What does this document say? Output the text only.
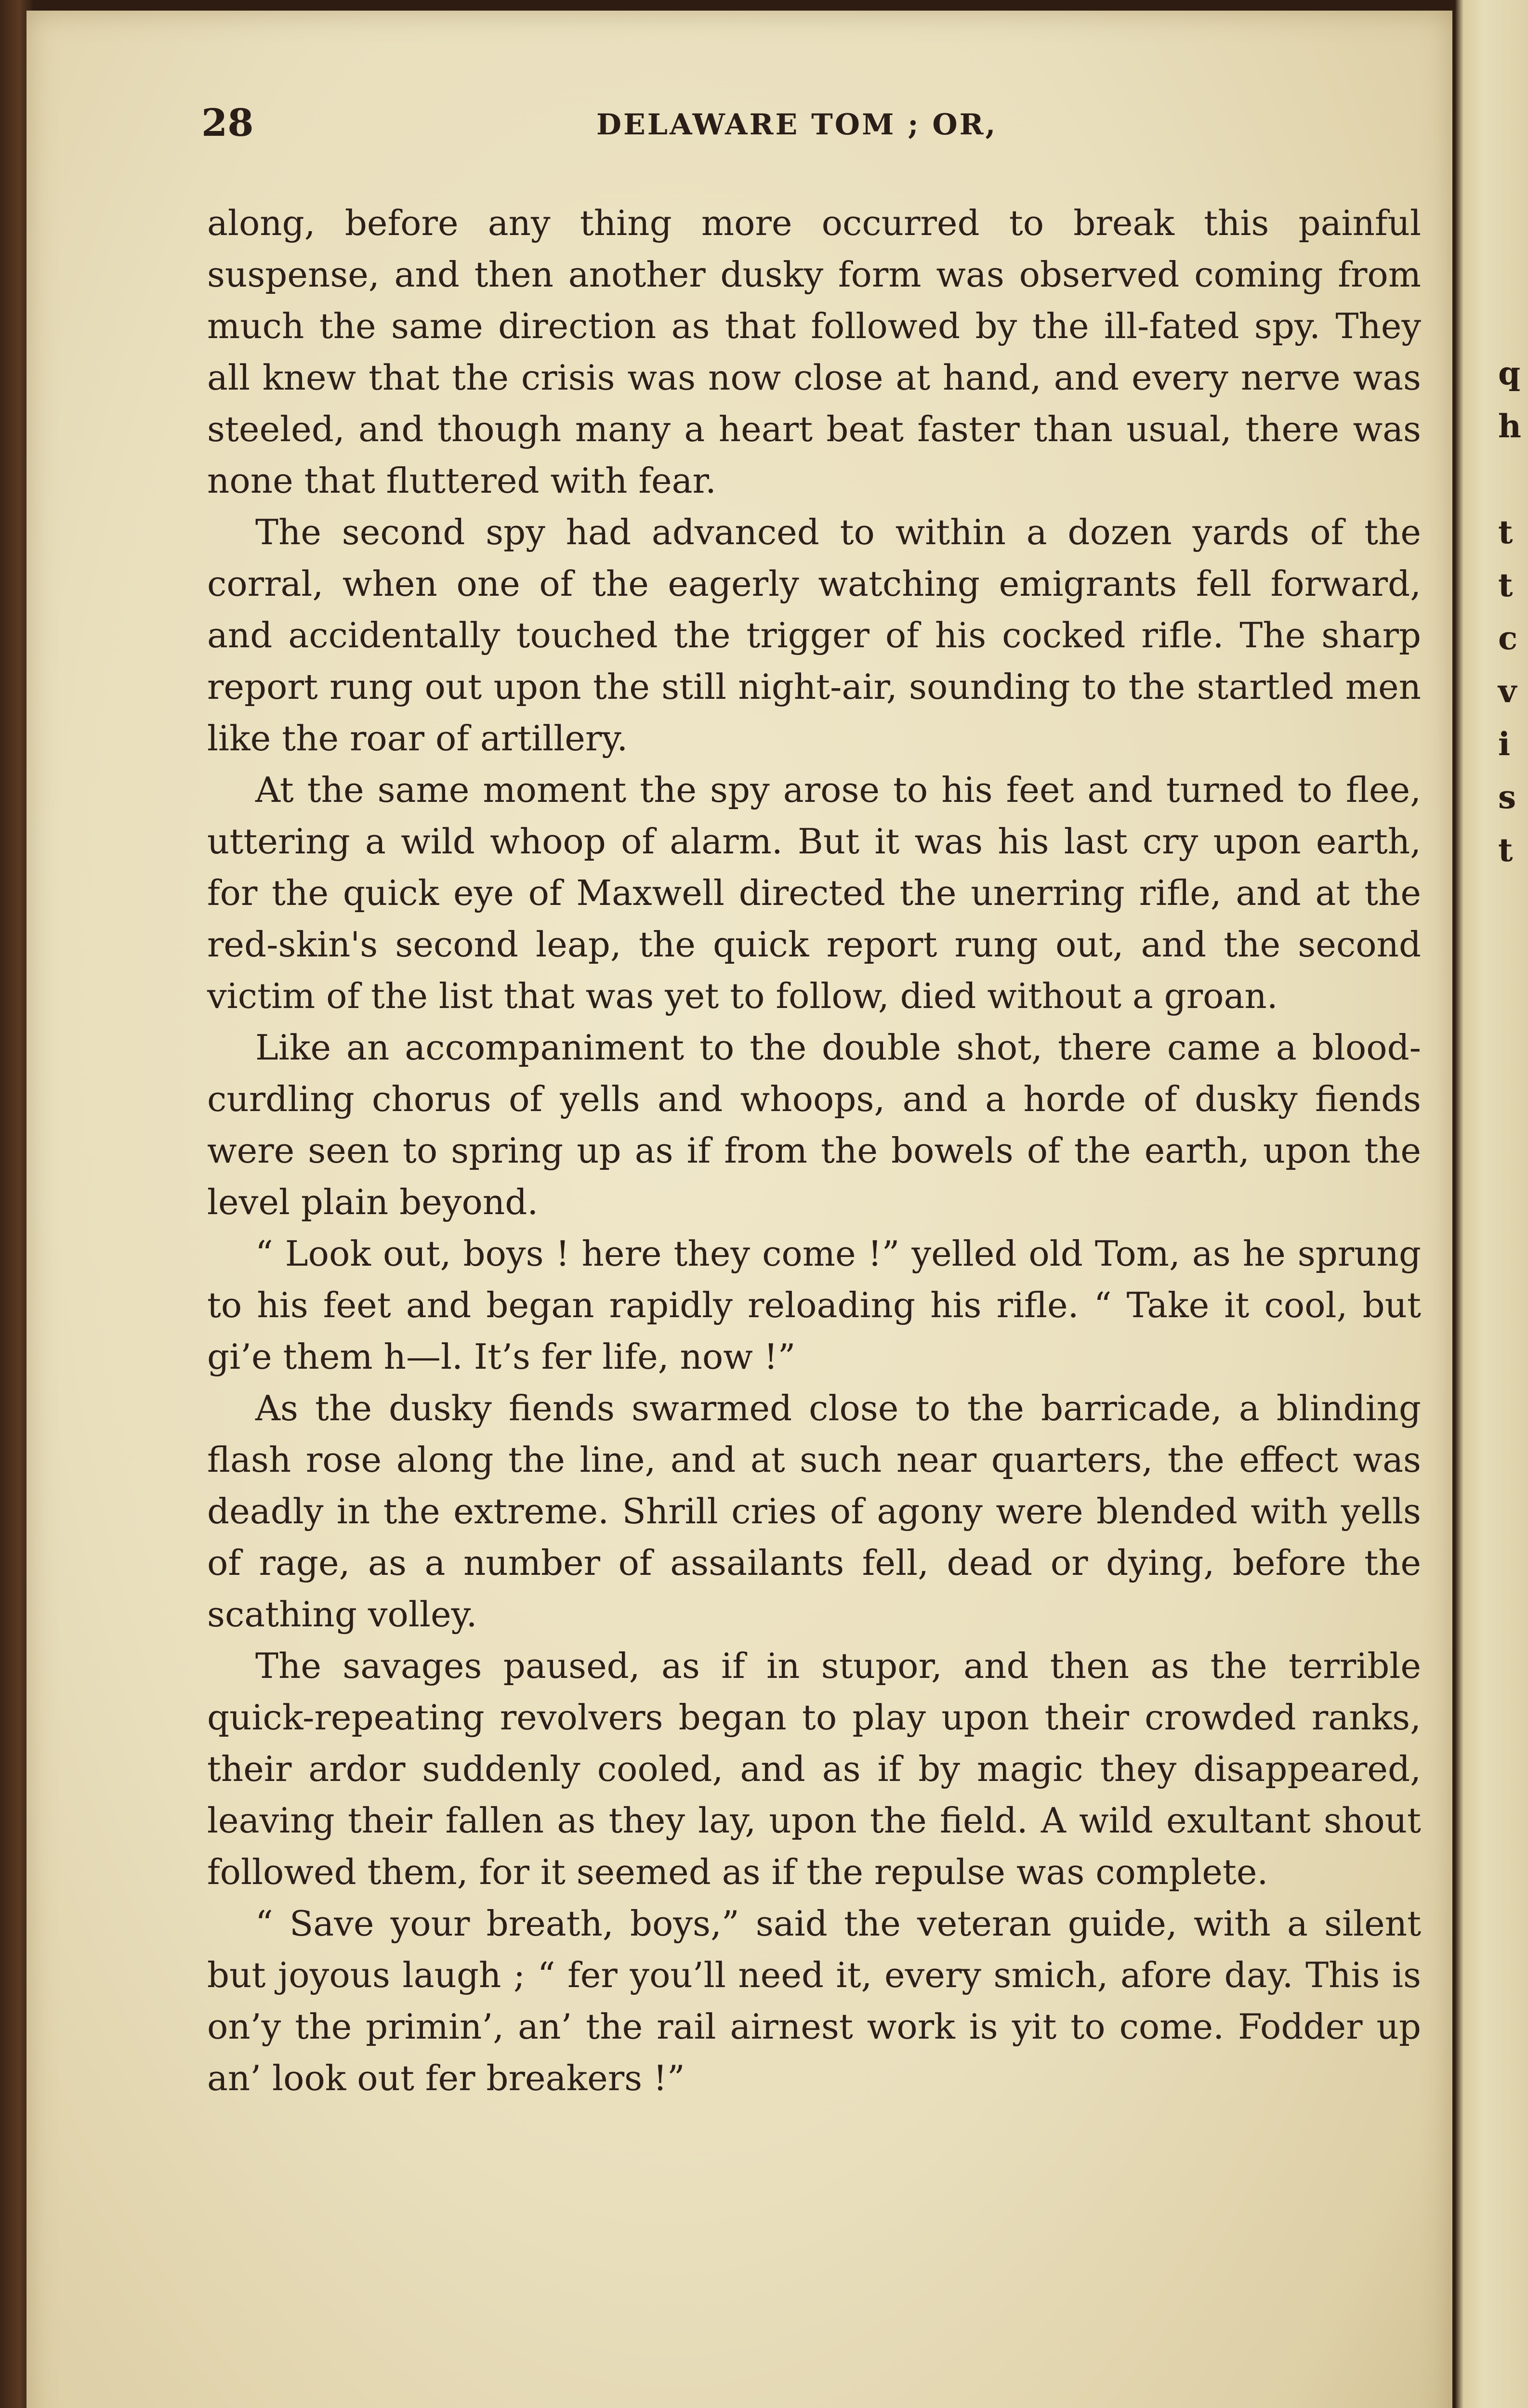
q
h
t
t
c
v
i
s
t
28	DELAWARE TOM ; OR,

along, before any thing more occurred to break this painful suspense, and then another dusky form was observed coming from much the same direction as that followed by the ill-fated spy. They all knew that the crisis was now close at hand, and every nerve was steeled, and though many a heart beat faster than usual, there was none that fluttered with fear.

The second spy had advanced to within a dozen yards of the corral, when one of the eagerly watching emigrants fell forward, and accidentally touched the trigger of his cocked rifle. The sharp report rung out upon the still night-air, sounding to the startled men like the roar of artillery.

At the same moment the spy arose to his feet and turned to flee, uttering a wild whoop of alarm. But it was his last cry upon earth, for the quick eye of Maxwell directed the unerring rifle, and at the red-skin's second leap, the quick report rung out, and the second victim of the list that was yet to follow, died without a groan.

Like an accompaniment to the double shot, there came a blood-curdling chorus of yells and whoops, and a horde of dusky fiends were seen to spring up as if from the bowels of the earth, upon the level plain beyond.

“ Look out, boys ! here they come !” yelled old Tom, as he sprung to his feet and began rapidly reloading his rifle. “ Take it cool, but gi’e them h—l. It’s fer life, now !”

As the dusky fiends swarmed close to the barricade, a blinding flash rose along the line, and at such near quarters, the effect was deadly in the extreme. Shrill cries of agony were blended with yells of rage, as a number of assailants fell, dead or dying, before the scathing volley.

The savages paused, as if in stupor, and then as the terrible quick-repeating revolvers began to play upon their crowded ranks, their ardor suddenly cooled, and as if by magic they disappeared, leaving their fallen as they lay, upon the field. A wild exultant shout followed them, for it seemed as if the repulse was complete.

“ Save your breath, boys,” said the veteran guide, with a silent but joyous laugh ; “ fer you’ll need it, every smich, afore day. This is on’y the primin’, an’ the rail airnest work is yit to come. Fodder up an’ look out fer breakers !”
